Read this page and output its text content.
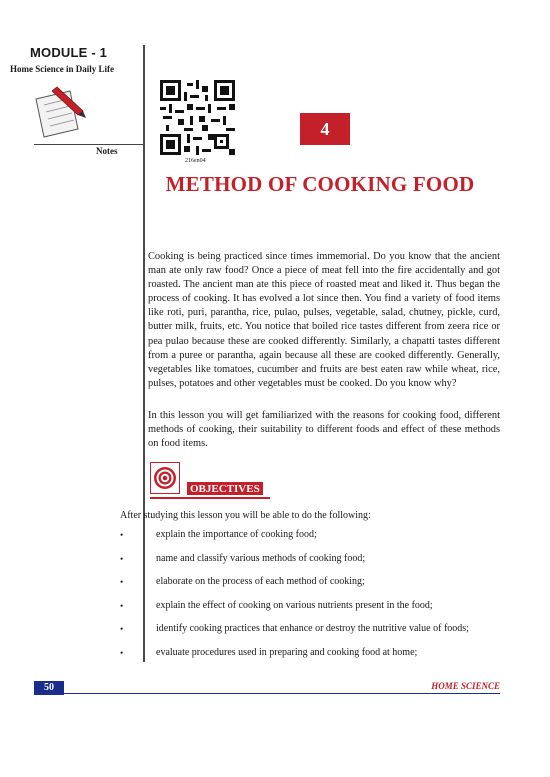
MODULE - 1
Home Science in Daily Life
Notes
216en04
4
METHOD OF COOKING FOOD

Cooking is being practiced since times immemorial. Do you know that the ancient man ate only raw food? Once a piece of meat fell into the fire accidentally and got roasted. The ancient man ate this piece of roasted meat and liked it. Thus began the process of cooking. It has evolved a lot since then. You find a variety of food items like roti, puri, parantha, rice, pulao, pulses, vegetable, salad, chutney, pickle, curd, butter milk, fruits, etc. You notice that boiled rice tastes different from zeera rice or pea pulao because these are cooked differently. Similarly, a chapatti tastes different from a puree or parantha, again because all these are cooked differently. Generally, vegetables like tomatoes, cucumber and fruits are best eaten raw while wheat, rice, pulses, potatoes and other vegetables must be cooked. Do you know why?

In this lesson you will get familiarized with the reasons for cooking food, different methods of cooking, their suitability to different foods and effect of these methods on food items.

OBJECTIVES

After studying this lesson you will be able to do the following:

•	explain the importance of cooking food;
•	name and classify various methods of cooking food;
•	elaborate on the process of each method of cooking;
•	explain the effect of cooking on various nutrients present in the food;
•	identify cooking practices that enhance or destroy the nutritive value of foods;
•	evaluate procedures used in preparing and cooking food at home;
50	HOME SCIENCE
